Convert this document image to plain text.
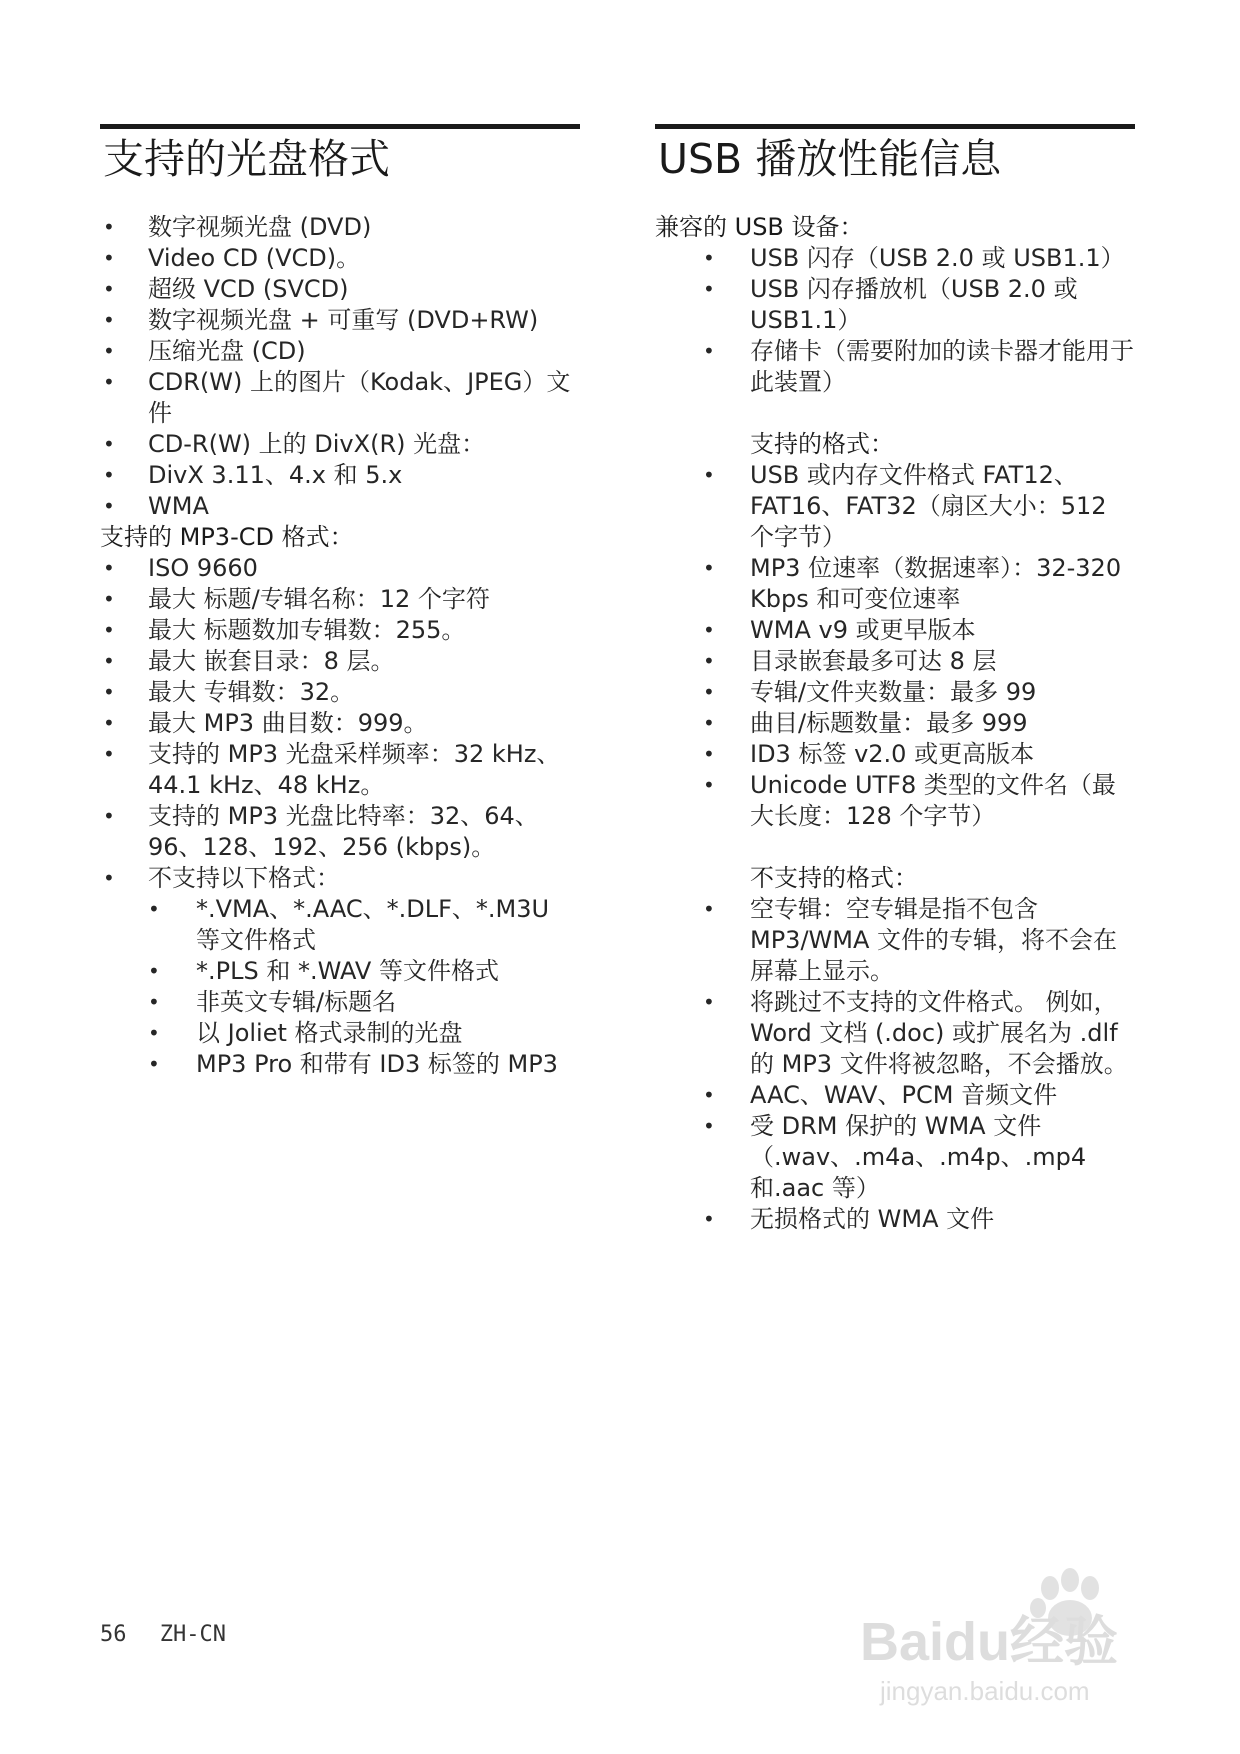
支持的光盘格式
• 数字视频光盘 (DVD)
• Video CD (VCD)。
• 超级 VCD (SVCD)
• 数字视频光盘 + 可重写 (DVD+RW)
• 压缩光盘 (CD)
• CDR(W) 上的图片（Kodak、JPEG）文件
• CD-R(W) 上的 DivX(R) 光盘：
• DivX 3.11、4.x 和 5.x
• WMA
支持的 MP3-CD 格式：
• ISO 9660
• 最大 标题/专辑名称：12 个字符
• 最大 标题数加专辑数：255。
• 最大 嵌套目录：8 层。
• 最大 专辑数：32。
• 最大 MP3 曲目数：999。
• 支持的 MP3 光盘采样频率：32 kHz、44.1 kHz、48 kHz。
• 支持的 MP3 光盘比特率：32、64、96、128、192、256 (kbps)。
• 不支持以下格式：
• *.VMA、*.AAC、*.DLF、*.M3U 等文件格式
• *.PLS 和 *.WAV 等文件格式
• 非英文专辑/标题名
• 以 Joliet 格式录制的光盘
• MP3 Pro 和带有 ID3 标签的 MP3
USB 播放性能信息
兼容的 USB 设备：
• USB 闪存（USB 2.0 或 USB1.1）
• USB 闪存播放机（USB 2.0 或 USB1.1）
• 存储卡（需要附加的读卡器才能用于此装置）
支持的格式：
• USB 或内存文件格式 FAT12、FAT16、FAT32（扇区大小：512 个字节）
• MP3 位速率（数据速率）：32-320 Kbps 和可变位速率
• WMA v9 或更早版本
• 目录嵌套最多可达 8 层
• 专辑/文件夹数量：最多 99
• 曲目/标题数量：最多 999
• ID3 标签 v2.0 或更高版本
• Unicode UTF8 类型的文件名（最大长度：128 个字节）
不支持的格式：
• 空专辑：空专辑是指不包含 MP3/WMA 文件的专辑，将不会在屏幕上显示。
• 将跳过不支持的文件格式。 例如，Word 文档 (.doc) 或扩展名为 .dlf 的 MP3 文件将被忽略，不会播放。
• AAC、WAV、PCM 音频文件
• 受 DRM 保护的 WMA 文件（.wav、.m4a、.m4p、.mp4 和.aac 等）
• 无损格式的 WMA 文件
56 ZH-CN	Baidu经验
jingyan.baidu.com
